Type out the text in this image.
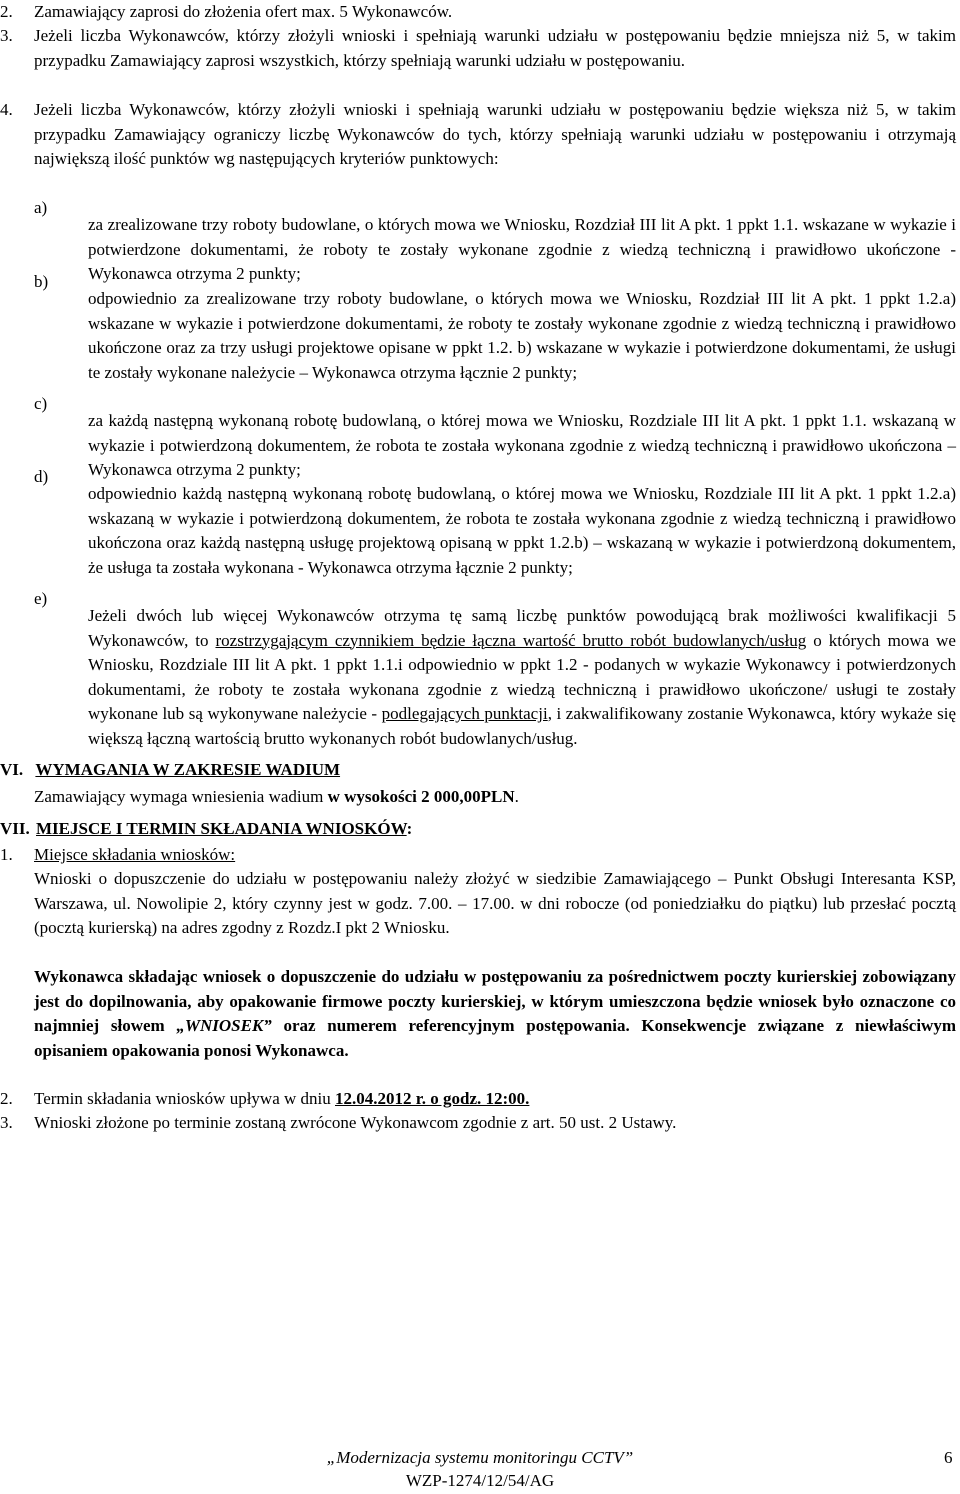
2. Zamawiający zaprosi do złożenia ofert max. 5 Wykonawców.

3. Jeżeli liczba Wykonawców, którzy złożyli wnioski i spełniają warunki udziału w postępowaniu będzie mniejsza niż 5, w takim przypadku Zamawiający zaprosi wszystkich, którzy spełniają warunki udziału w postępowaniu.

4. Jeżeli liczba Wykonawców, którzy złożyli wnioski i spełniają warunki udziału w postępowaniu będzie większa niż 5, w takim przypadku Zamawiający ograniczy liczbę Wykonawców do tych, którzy spełniają warunki udziału w postępowaniu i otrzymają największą ilość punktów wg następujących kryteriów punktowych:

a)

za zrealizowane trzy roboty budowlane, o których mowa we Wniosku, Rozdział III lit A pkt. 1 ppkt 1.1. wskazane w wykazie i potwierdzone dokumentami, że roboty te zostały wykonane zgodnie z wiedzą techniczną i prawidłowo ukończone - Wykonawca otrzyma 2 punkty;

b)

odpowiednio za zrealizowane trzy roboty budowlane, o których mowa we Wniosku, Rozdział III lit A pkt. 1 ppkt 1.2.a) wskazane w wykazie i potwierdzone dokumentami, że roboty te zostały wykonane zgodnie z wiedzą techniczną i prawidłowo ukończone oraz za trzy usługi projektowe opisane w ppkt 1.2. b) wskazane w wykazie i potwierdzone dokumentami, że usługi te zostały wykonane należycie – Wykonawca otrzyma łącznie 2 punkty;

c)

za każdą następną wykonaną robotę budowlaną, o której mowa we Wniosku, Rozdziale III lit A pkt. 1 ppkt 1.1. wskazaną w wykazie i potwierdzoną dokumentem, że robota te została wykonana zgodnie z wiedzą techniczną i prawidłowo ukończona – Wykonawca otrzyma 2 punkty;

d)

odpowiednio każdą następną wykonaną robotę budowlaną, o której mowa we Wniosku, Rozdziale III lit A pkt. 1 ppkt 1.2.a) wskazaną w wykazie i potwierdzoną dokumentem, że robota te została wykonana zgodnie z wiedzą techniczną i prawidłowo ukończona oraz każdą następną usługę projektową opisaną w ppkt 1.2.b) – wskazaną w wykazie i potwierdzoną dokumentem, że usługa ta została wykonana - Wykonawca otrzyma łącznie 2 punkty;

e)

Jeżeli dwóch lub więcej Wykonawców otrzyma tę samą liczbę punktów powodującą brak możliwości kwalifikacji 5 Wykonawców, to rozstrzygającym czynnikiem będzie łączna wartość brutto robót budowlanych/usług o których mowa we Wniosku, Rozdziale III lit A pkt. 1 ppkt 1.1.i odpowiednio w ppkt 1.2 - podanych w wykazie Wykonawcy i potwierdzonych dokumentami, że roboty te została wykonana zgodnie z wiedzą techniczną i prawidłowo ukończone/ usługi te zostały wykonane lub są wykonywane należycie - podlegających punktacji, i zakwalifikowany zostanie Wykonawca, który wykaże się większą łączną wartością brutto wykonanych robót budowlanych/usług.

VI. WYMAGANIA W ZAKRESIE WADIUM

Zamawiający wymaga wniesienia wadium w wysokości 2 000,00PLN.

VII. MIEJSCE I TERMIN SKŁADANIA WNIOSKÓW:
1. Miejsce składania wniosków:

Wnioski o dopuszczenie do udziału w postępowaniu należy złożyć w siedzibie Zamawiającego – Punkt Obsługi Interesanta KSP, Warszawa, ul. Nowolipie 2, który czynny jest w godz. 7.00. – 17.00. w dni robocze (od poniedziałku do piątku) lub przesłać pocztą (pocztą kurierską) na adres zgodny z Rozdz.I pkt 2 Wniosku.

Wykonawca składając wniosek o dopuszczenie do udziału w postępowaniu za pośrednictwem poczty kurierskiej zobowiązany jest do dopilnowania, aby opakowanie firmowe poczty kurierskiej, w którym umieszczona będzie wniosek było oznaczone co najmniej słowem „WNIOSEK” oraz numerem referencyjnym postępowania. Konsekwencje związane z niewłaściwym opisaniem opakowania ponosi Wykonawca.

2. Termin składania wniosków upływa w dniu 12.04.2012 r. o godz. 12:00.

3. Wnioski złożone po terminie zostaną zwrócone Wykonawcom zgodnie z art. 50 ust. 2 Ustawy.

„Modernizacja systemu monitoringu CCTV”
WZP-1274/12/54/AG
6
